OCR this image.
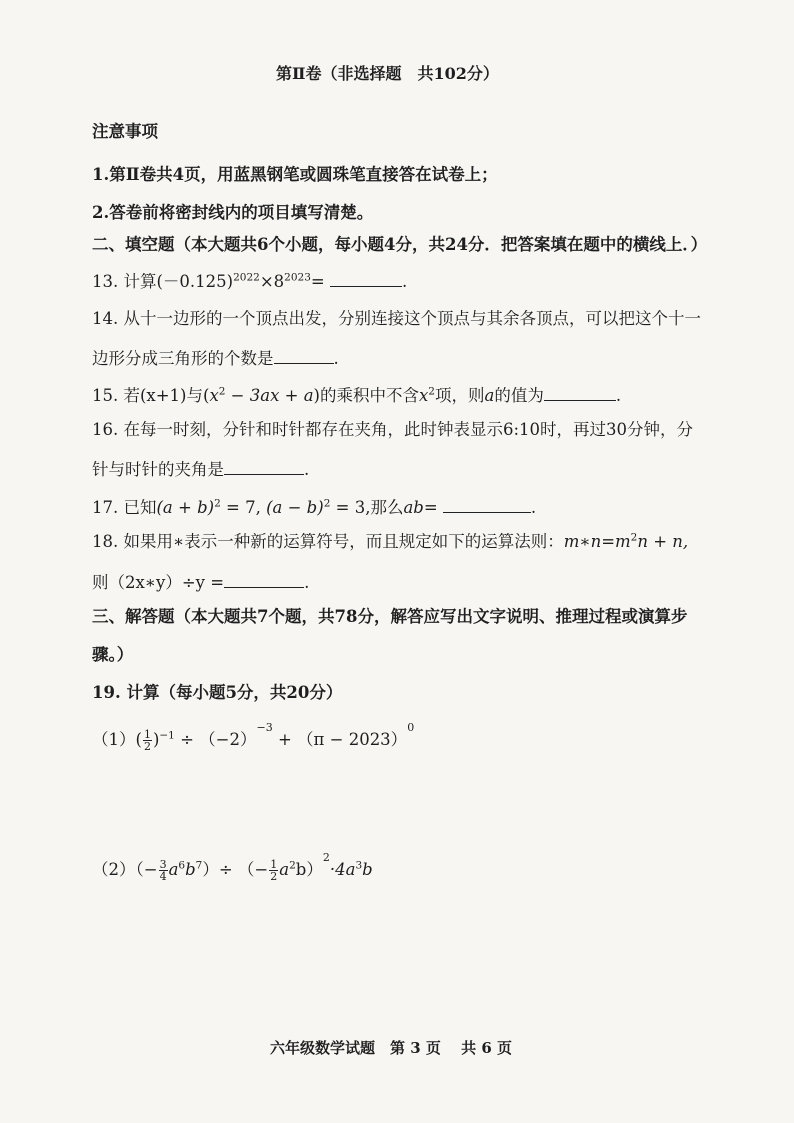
第Ⅱ卷（非选择题　共102分）
注意事项
1.第Ⅱ卷共4页，用蓝黑钢笔或圆珠笔直接答在试卷上；
2.答卷前将密封线内的项目填写清楚。
二、填空题（本大题共6个小题，每小题4分，共24分．把答案填在题中的横线上．）
13. 计算$(-0.125)^{2022}\times 8^{2023}=$	.
14. 从十一边形的一个顶点出发，分别连接这个顶点与其余各顶点，可以把这个十一
边形分成三角形的个数是	.
15. 若(x+1)与$(x^2 - 3ax + a)$的乘积中不含$x^2$项，则a的值为	.
16. 在每一时刻，分针和时针都存在夹角，此时钟表显示6:10时，再过30分钟，分
针与时针的夹角是	.
17. 已知$(a + b)^2 = 7$, $(a - b)^2 = 3$,那么ab=	.
18. 如果用∗表示一种新的运算符号，而且规定如下的运算法则：$m∗n=m^2n + n$,
则（2x∗y）÷y =	.
三、解答题（本大题共7个题，共78分，解答应写出文字说明、推理过程或演算步
骤。）
19. 计算（每小题5分，共20分）
$(1)( \frac{1}{2} )^{-1} \div (-2)-3 + (\pi - 2023)0$
$(2)(- \frac{3}{4} a^6b^7)\div$ （− $\frac{1}{2} a^2b)2\cdot 4a^3b$
六年级数学试题　第 3 页　 共 6 页
